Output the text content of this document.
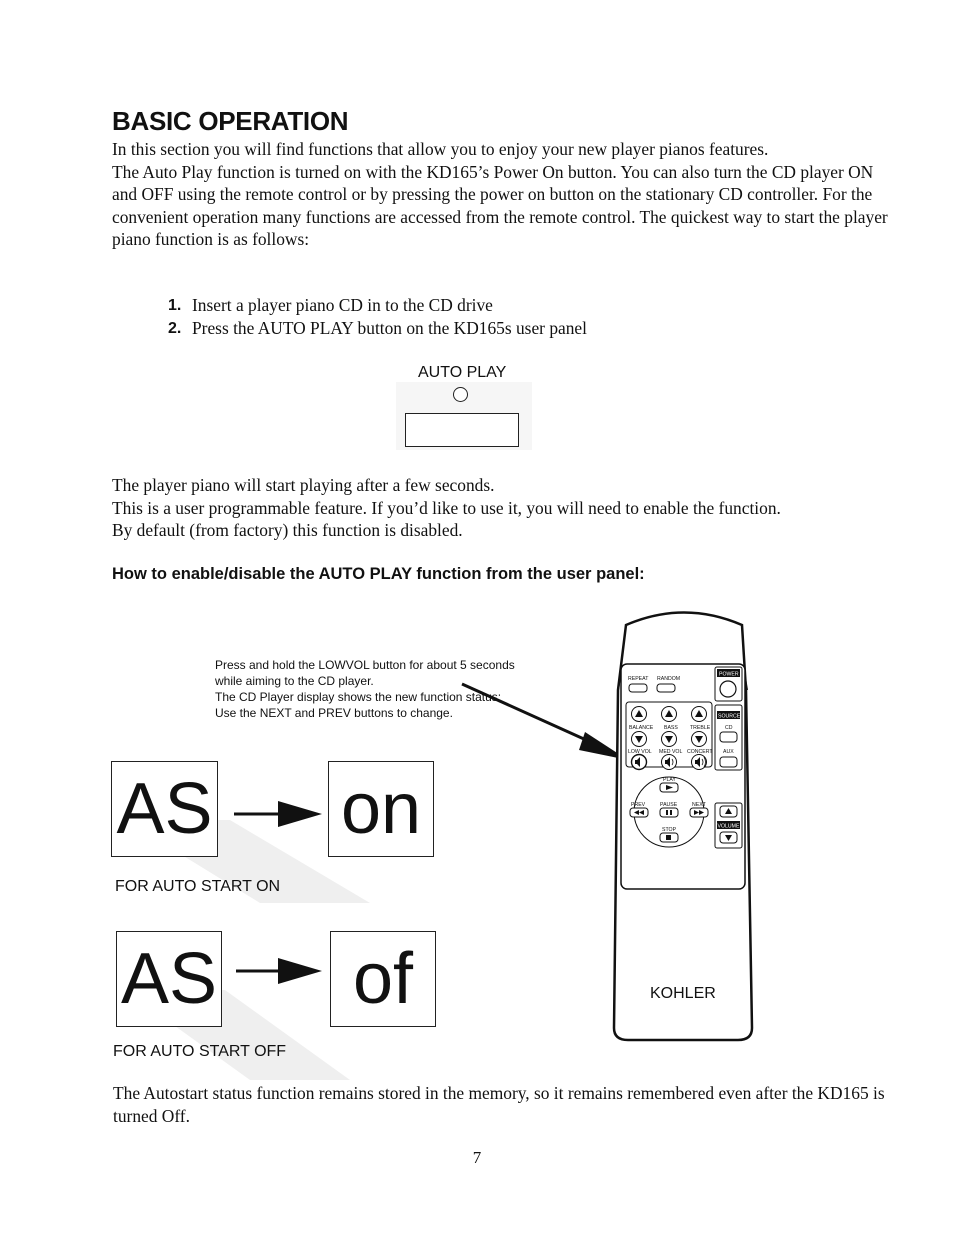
BASIC OPERATION

In this section you will find functions that allow you to enjoy your new player pianos features.

The Auto Play function is turned on with the KD165’s Power On button. You can also turn the CD player ON and OFF using the remote control or by pressing the power on button on the stationary CD controller. For the convenient operation many functions are accessed from the remote control. The quickest way to start the player piano function is as follows:

1. Insert a player piano CD in to the CD drive
2. Press the AUTO PLAY button on the KD165s user panel
AUTO PLAY

The player piano will start playing after a few seconds.

This is a user programmable feature. If you’d like to use it, you will need to enable the function.

By default (from factory) this function is disabled.

How to enable/disable the AUTO PLAY function from the user panel:

Press and hold the LOWVOL button for about 5 seconds while aiming to the CD player.

The CD Player display shows the new function status; Use the NEXT and PREV buttons to change.

REPEAT RANDOM
POWER
BALANCE BASS TREBLE
LOW VOL MED VOL CONCERT
SOURCE
CD
AUX
PLAY
PREV	PAUSE	NEXT
STOP
VOLUME
KOHLER
AS on
FOR AUTO START ON
AS	of
FOR AUTO START OFF

The Autostart status function remains stored in the memory, so it remains remembered even after the KD165 is turned Off.

7
